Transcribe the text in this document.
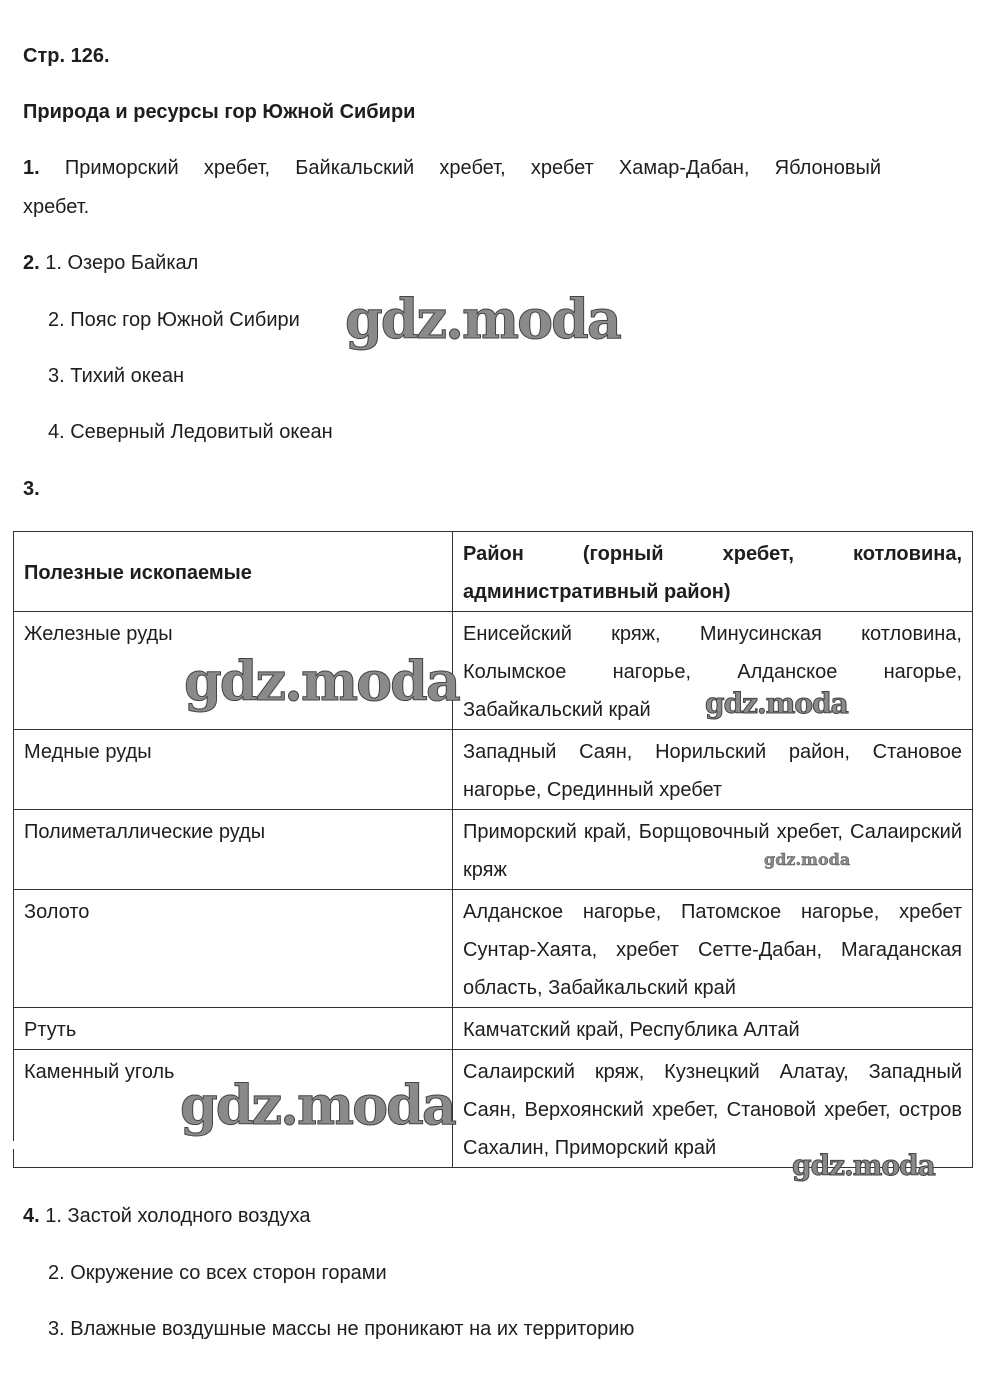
Стр. 126.
Природа и ресурсы гор Южной Сибири
1. Приморский хребет, Байкальский хребет, хребет Хамар-Дабан, Яблоновый
хребет.
2. 1. Озеро Байкал
2. Пояс гор Южной Сибири
3. Тихий океан
4. Северный Ледовитый океан
3.
Полезные ископаемые	Район (горный хребет, котловина, административный район)
Железные руды	Енисейский кряж, Минусинская котловина, Колымское нагорье, Алданское нагорье, Забайкальский край
Медные руды	Западный Саян, Норильский район, Становое нагорье, Срединный хребет
Полиметаллические руды	Приморский край, Борщовочный хребет, Салаирский кряж
Золото	Алданское нагорье, Патомское нагорье, хребет Сунтар-Хаята, хребет Сетте-Дабан, Магаданская область, Забайкальский край
Ртуть	Камчатский край, Республика Алтай
Каменный уголь	Салаирский кряж, Кузнецкий Алатау, Западный Саян, Верхоянский хребет, Становой хребет, остров Сахалин, Приморский край
4. 1. Застой холодного воздуха
2. Окружение со всех сторон горами
3. Влажные воздушные массы не проникают на их территорию
gdz.moda
gdz.moda	gdz.moda
gdz.moda
gdz.moda
gdz.moda
